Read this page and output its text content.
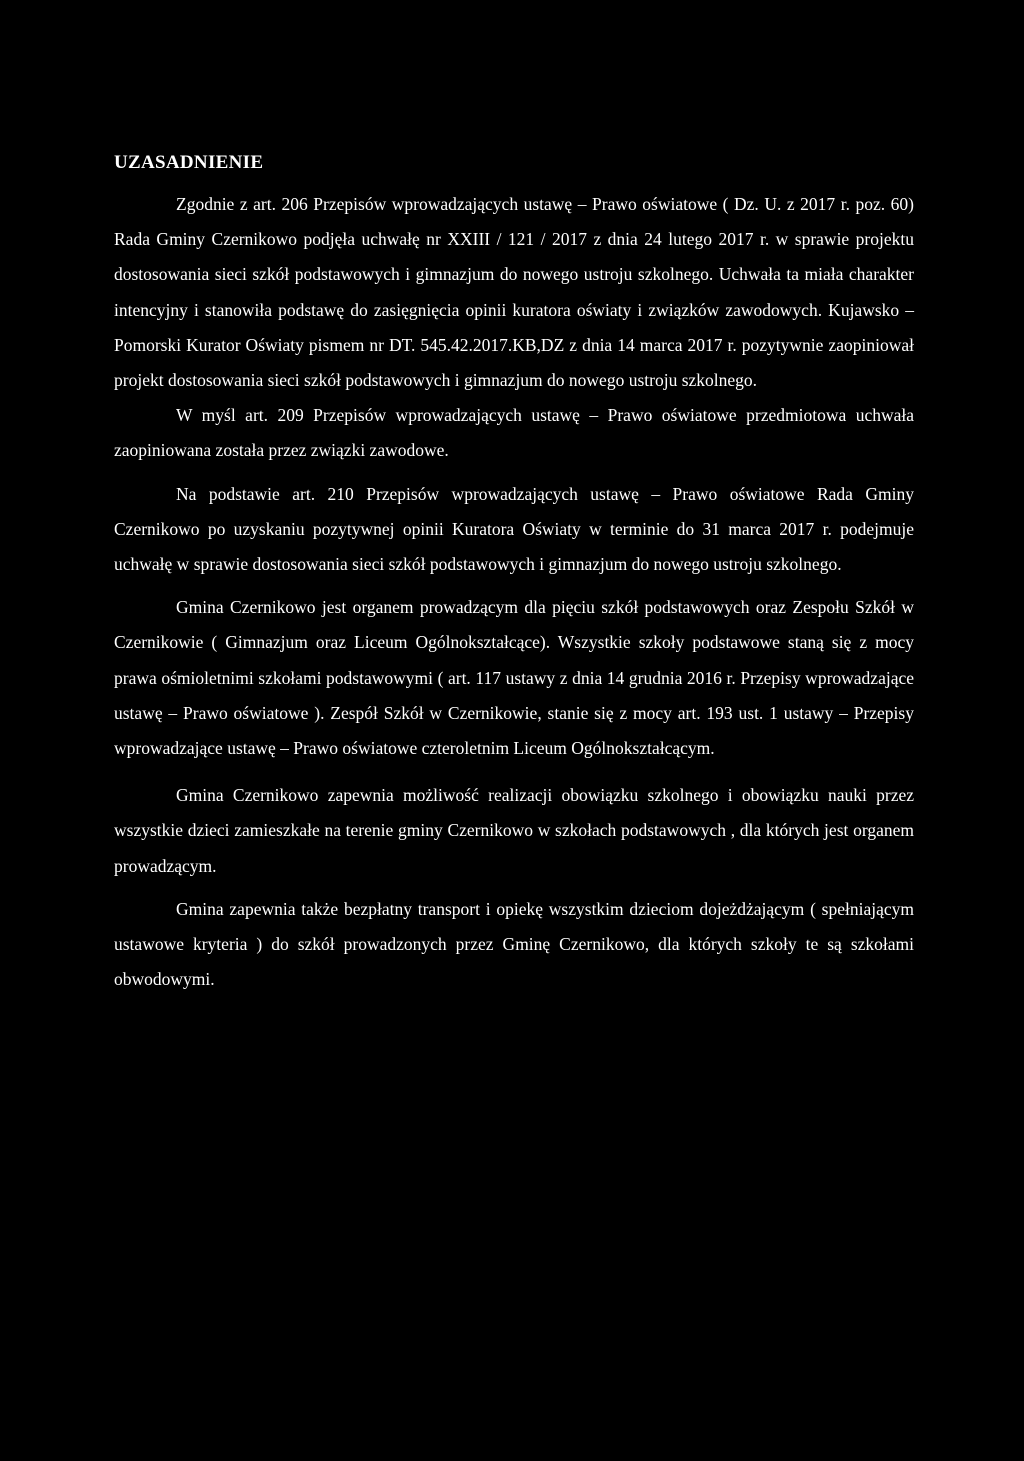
UZASADNIENIE

Zgodnie z art. 206 Przepisów wprowadzających ustawę – Prawo oświatowe ( Dz. U. z 2017 r. poz. 60) Rada Gminy Czernikowo podjęła uchwałę nr XXIII / 121 / 2017 z dnia 24 lutego 2017 r. w sprawie projektu dostosowania sieci szkół podstawowych i gimnazjum do nowego ustroju szkolnego. Uchwała ta miała charakter intencyjny i stanowiła podstawę do zasięgnięcia opinii kuratora oświaty i związków zawodowych. Kujawsko – Pomorski Kurator Oświaty pismem nr DT. 545.42.2017.KB,DZ z dnia 14 marca 2017 r. pozytywnie zaopiniował projekt dostosowania sieci szkół podstawowych i gimnazjum do nowego ustroju szkolnego.

W myśl art. 209 Przepisów wprowadzających ustawę – Prawo oświatowe przedmiotowa uchwała zaopiniowana została przez związki zawodowe.

Na podstawie art. 210 Przepisów wprowadzających ustawę – Prawo oświatowe Rada Gminy Czernikowo po uzyskaniu pozytywnej opinii Kuratora Oświaty w terminie do 31 marca 2017 r. podejmuje uchwałę w sprawie dostosowania sieci szkół podstawowych i gimnazjum do nowego ustroju szkolnego.

Gmina Czernikowo jest organem prowadzącym dla pięciu szkół podstawowych oraz Zespołu Szkół w Czernikowie ( Gimnazjum oraz Liceum Ogólnokształcące). Wszystkie szkoły podstawowe staną się z mocy prawa ośmioletnimi szkołami podstawowymi ( art. 117 ustawy z dnia 14 grudnia 2016 r. Przepisy wprowadzające ustawę – Prawo oświatowe ). Zespół Szkół w Czernikowie, stanie się z mocy art. 193 ust. 1 ustawy – Przepisy wprowadzające ustawę – Prawo oświatowe czteroletnim Liceum Ogólnokształcącym.

Gmina Czernikowo zapewnia możliwość realizacji obowiązku szkolnego i obowiązku nauki przez wszystkie dzieci zamieszkałe na terenie gminy Czernikowo w szkołach podstawowych , dla których jest organem prowadzącym.

Gmina zapewnia także bezpłatny transport i opiekę wszystkim dzieciom dojeżdżającym ( spełniającym ustawowe kryteria ) do szkół prowadzonych przez Gminę Czernikowo, dla których szkoły te są szkołami obwodowymi.
